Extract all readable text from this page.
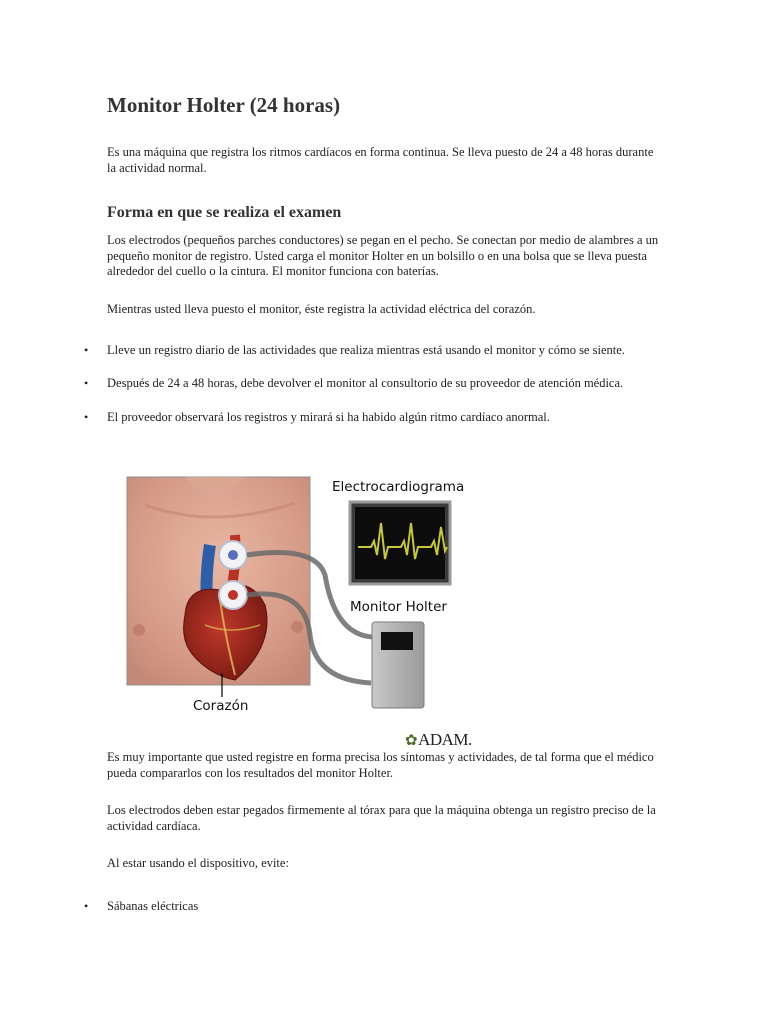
Monitor Holter (24 horas)

Es una máquina que registra los ritmos cardíacos en forma continua. Se lleva puesto de 24 a 48 horas durante la actividad normal.

Forma en que se realiza el examen

Los electrodos (pequeños parches conductores) se pegan en el pecho. Se conectan por medio de alambres a un pequeño monitor de registro. Usted carga el monitor Holter en un bolsillo o en una bolsa que se lleva puesta alrededor del cuello o la cintura. El monitor funciona con baterías.

Mientras usted lleva puesto el monitor, éste registra la actividad eléctrica del corazón.

• Lleve un registro diario de las actividades que realiza mientras está usando el monitor y cómo se siente.
• Después de 24 a 48 horas, debe devolver el monitor al consultorio de su proveedor de atención médica.
• El proveedor observará los registros y mirará si ha habido algún ritmo cardíaco anormal.
Electrocardiograma
Monitor Holter
Corazón
✿ADAM.

Es muy importante que usted registre en forma precisa los síntomas y actividades, de tal forma que el médico pueda compararlos con los resultados del monitor Holter.

Los electrodos deben estar pegados firmemente al tórax para que la máquina obtenga un registro preciso de la actividad cardíaca.

Al estar usando el dispositivo, evite:

• Sábanas eléctricas
